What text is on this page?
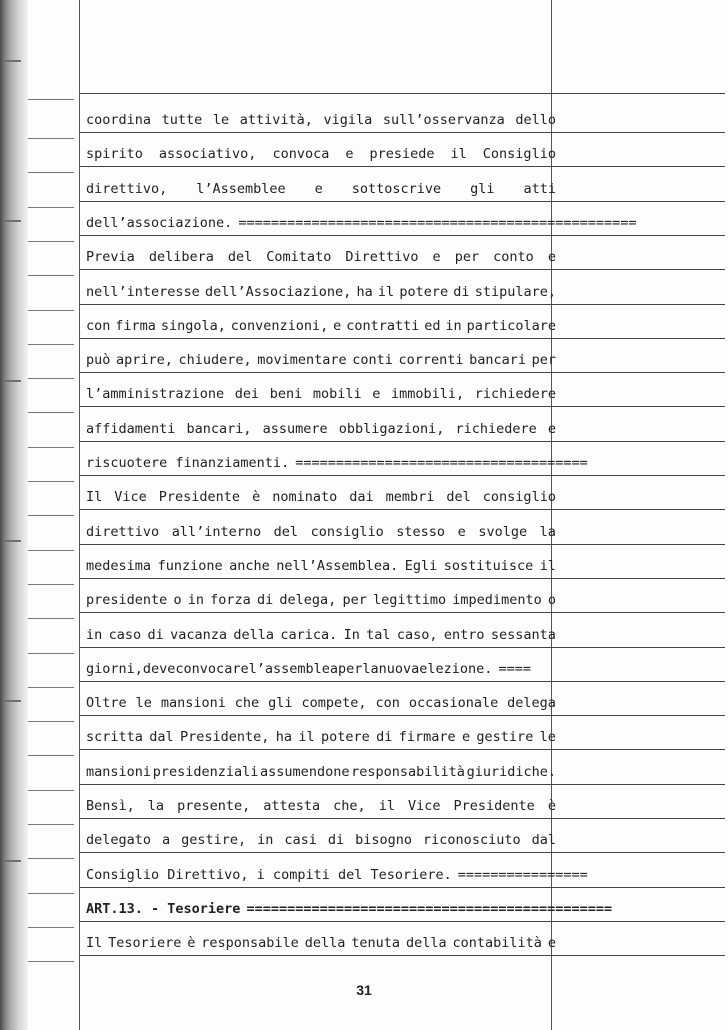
coordina tutte le attività, vigila sull’osservanza dello
spirito associativo, convoca e presiede il Consiglio
direttivo, l’Assemblee e sottoscrive gli atti
dell’associazione. =================================================
Previa delibera del Comitato Direttivo e per conto e
nell’interesse dell’Associazione, ha il potere di stipulare,
con firma singola, convenzioni, e contratti ed in particolare
può aprire, chiudere, movimentare conti correnti bancari per
l’amministrazione dei beni mobili e immobili, richiedere
affidamenti bancari, assumere obbligazioni, richiedere e
riscuotere finanziamenti. ====================================
Il Vice Presidente è nominato dai membri del consiglio
direttivo all’interno del consiglio stesso e svolge la
medesima funzione anche nell’Assemblea. Egli sostituisce il
presidente o in forza di delega, per legittimo impedimento o
in caso di vacanza della carica. In tal caso, entro sessanta
giorni, deve convocare l’assemblea per la nuova elezione. ====
Oltre le mansioni che gli compete, con occasionale delega
scritta dal Presidente, ha il potere di firmare e gestire le
mansioni presidenziali assumendone responsabilità giuridiche.
Bensì, la presente, attesta che, il Vice Presidente è
delegato a gestire, in casi di bisogno riconosciuto dal
Consiglio Direttivo, i compiti del Tesoriere. ================
ART.13. - Tesoriere =============================================
Il Tesoriere è responsabile della tenuta della contabilità e
31
